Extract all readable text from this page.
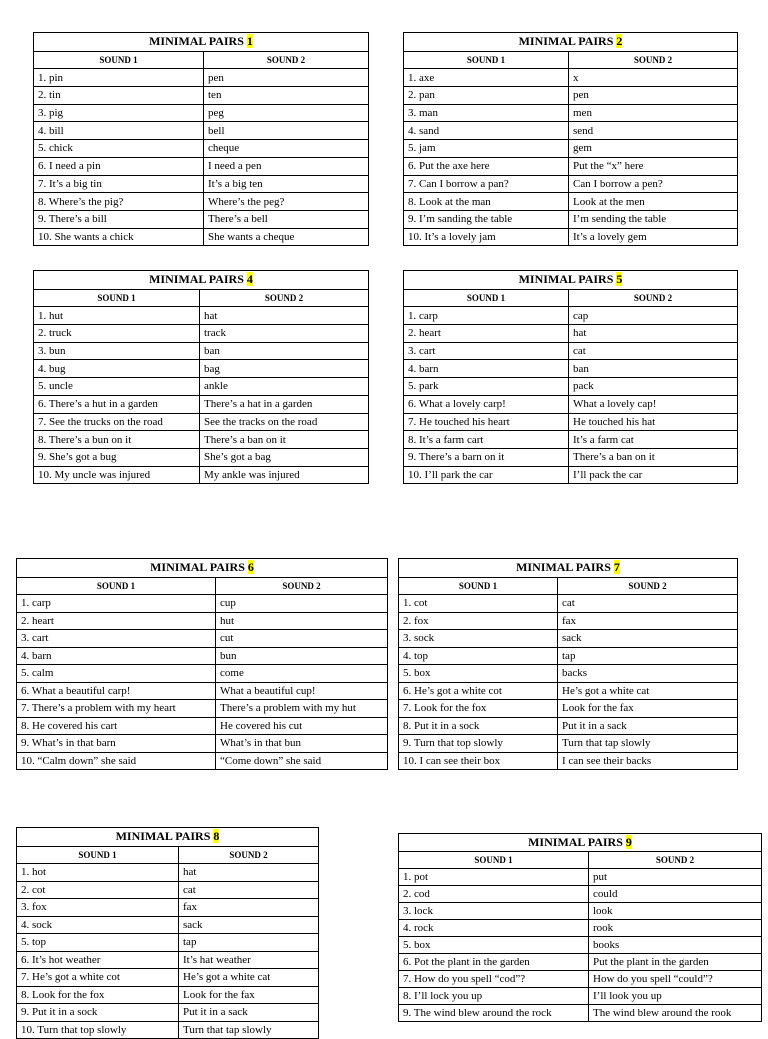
MINIMAL PAIRS 1	
SOUND 1	SOUND 2
1. pin	pen
2. tin	ten
3. pig	peg
4. bill	bell
5. chick	cheque
6. I need a pin	I need a pen
7. It’s a big tin	It’s a big ten
8. Where’s the pig?	Where’s the peg?
9. There’s a bill	There’s a bell
10. She wants a chick	She wants a cheque
MINIMAL PAIRS 2	
SOUND 1	SOUND 2
1. axe	x
2. pan	pen
3. man	men
4. sand	send
5. jam	gem
6. Put the axe here	Put the “x” here
7. Can I borrow a pan?	Can I borrow a pen?
8. Look at the man	Look at the men
9. I’m sanding the table	I’m sending the table
10. It’s a lovely jam	It’s a lovely gem
MINIMAL PAIRS 4	
SOUND 1	SOUND 2
1. hut	hat
2. truck	track
3. bun	ban
4. bug	bag
5. uncle	ankle
6. There’s a hut in a garden	There’s a hat in a garden
7. See the trucks on the road	See the tracks on the road
8. There’s a bun on it	There’s a ban on it
9. She’s got a bug	She’s got a bag
10. My uncle was injured	My ankle was injured
MINIMAL PAIRS 5	
SOUND 1	SOUND 2
1. carp	cap
2. heart	hat
3. cart	cat
4. barn	ban
5. park	pack
6. What a lovely carp!	What a lovely cap!
7. He touched his heart	He touched his hat
8. It’s a farm cart	It’s a farm cat
9. There’s a barn on it	There’s a ban on it
10. I’ll park the car	I’ll pack the car
MINIMAL PAIRS 6	
SOUND 1	SOUND 2
1. carp	cup
2. heart	hut
3. cart	cut
4. barn	bun
5. calm	come
6. What a beautiful carp!	What a beautiful cup!
7. There’s a problem with my heart	There’s a problem with my hut
8. He covered his cart	He covered his cut
9. What’s in that barn	What’s in that bun
10. “Calm down” she said	“Come down” she said
MINIMAL PAIRS 7	
SOUND 1	SOUND 2
1. cot	cat
2. fox	fax
3. sock	sack
4. top	tap
5. box	backs
6. He’s got a white cot	He’s got a white cat
7. Look for the fox	Look for the fax
8. Put it in a sock	Put it in a sack
9. Turn that top slowly	Turn that tap slowly
10. I can see their box	I can see their backs
MINIMAL PAIRS 8	
SOUND 1	SOUND 2
1. hot	hat
2. cot	cat
3. fox	fax
4. sock	sack
5. top	tap
6. It’s hot weather	It’s hat weather
7. He’s got a white cot	He’s got a white cat
8. Look for the fox	Look for the fax
9. Put it in a sock	Put it in a sack
10. Turn that top slowly	Turn that tap slowly
MINIMAL PAIRS 9	
SOUND 1	SOUND 2
1. pot	put
2. cod	could
3. lock	look
4. rock	rook
5. box	books
6. Pot the plant in the garden	Put the plant in the garden
7. How do you spell “cod”?	How do you spell “could”?
8. I’ll lock you up	I’ll look you up
9. The wind blew around the rock	The wind blew around the rook
